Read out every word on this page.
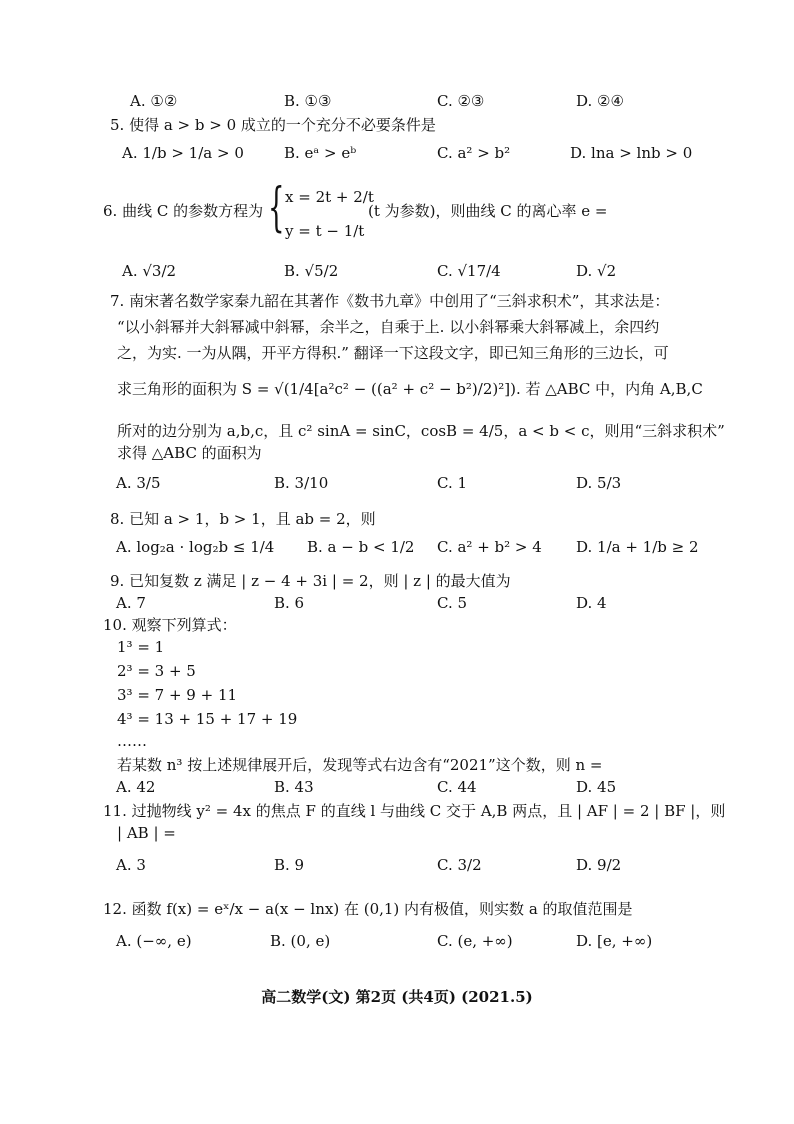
A. ①②	B. ①③	C. ②③	D. ②④
5. 使得 a > b > 0 成立的一个充分不必要条件是
A. 1/b > 1/a > 0	B. eᵃ > eᵇ	C. a² > b²	D. lna > lnb > 0
6. 曲线 C 的参数方程为 { x = 2t + 2/t
y = t − 1/t
(t 为参数)，则曲线 C 的离心率 e =
A. √3/2	B. √5/2	C. √17/4	D. √2
7. 南宋著名数学家秦九韶在其著作《数书九章》中创用了“三斜求积术”，其求法是：
“以小斜幂并大斜幂减中斜幂，余半之，自乘于上. 以小斜幂乘大斜幂减上，余四约
之，为实. 一为从隅，开平方得积.” 翻译一下这段文字，即已知三角形的三边长，可
求三角形的面积为 S = √(1/4[a²c² − ((a² + c² − b²)/2)²]). 若 △ABC 中，内角 A,B,C
所对的边分别为 a,b,c，且 c² sinA = sinC，cosB = 4/5，a < b < c，则用“三斜求积术”
求得 △ABC 的面积为
A. 3/5	B. 3/10	C. 1	D. 5/3
8. 已知 a > 1，b > 1，且 ab = 2，则
A. log₂a · log₂b ≤ 1/4 B. a − b < 1/2 C. a² + b² > 4 D. 1/a + 1/b ≥ 2
9. 已知复数 z 满足 | z − 4 + 3i | = 2，则 | z | 的最大值为
A. 7	B. 6	C. 5	D. 4
10. 观察下列算式：
1³ = 1
2³ = 3 + 5
3³ = 7 + 9 + 11
4³ = 13 + 15 + 17 + 19
……
若某数 n³ 按上述规律展开后，发现等式右边含有“2021”这个数，则 n =
A. 42	B. 43	C. 44	D. 45
11. 过抛物线 y² = 4x 的焦点 F 的直线 l 与曲线 C 交于 A,B 两点，且 | AF | = 2 | BF |，则
| AB | =
A. 3	B. 9	C. 3/2	D. 9/2
12. 函数 f(x) = eˣ/x − a(x − lnx) 在 (0,1) 内有极值，则实数 a 的取值范围是
A. (−∞, e)	B. (0, e)	C. (e, +∞)	D. [e, +∞)
高二数学(文) 第2页 (共4页) (2021.5)
